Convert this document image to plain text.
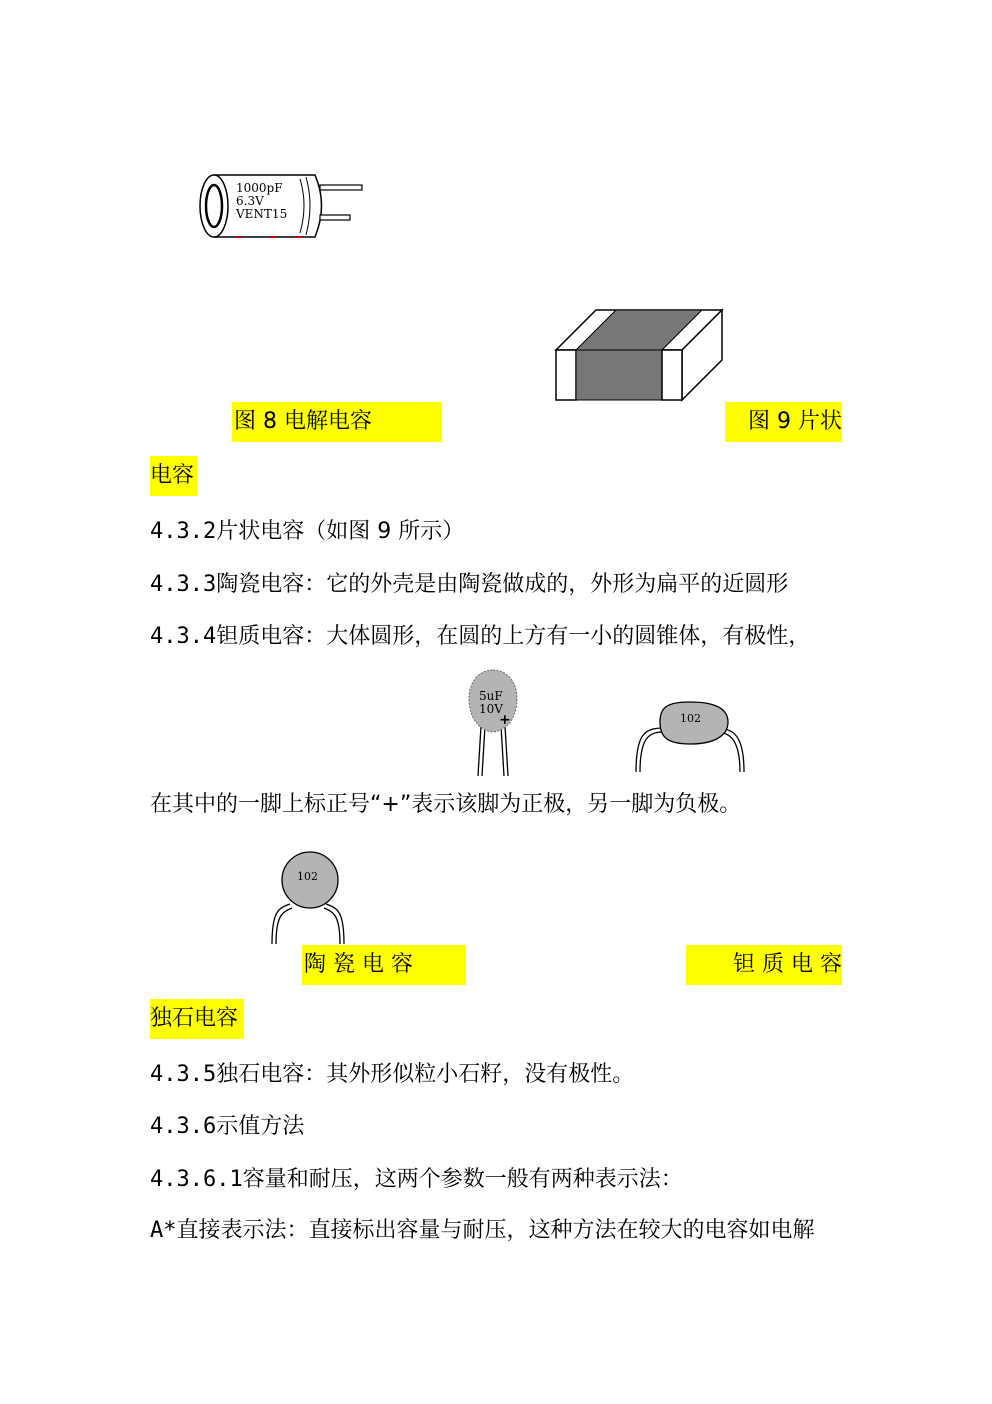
1000pF
6.3V
VENT15
图 8 电解电容	图 9 片状
电容
4.3.2片状电容（如图 9 所示）
4.3.3陶瓷电容：它的外壳是由陶瓷做成的，外形为扁平的近圆形
4.3.4钽质电容：大体圆形，在圆的上方有一小的圆锥体，有极性，
5uF
10V
+	102
在其中的一脚上标正号“+”表示该脚为正极，另一脚为负极。
102
陶 瓷 电 容	钽 质 电 容
独石电容
4.3.5独石电容：其外形似粒小石籽，没有极性。
4.3.6示值方法
4.3.6.1容量和耐压，这两个参数一般有两种表示法：
A*直接表示法：直接标出容量与耐压，这种方法在较大的电容如电解
